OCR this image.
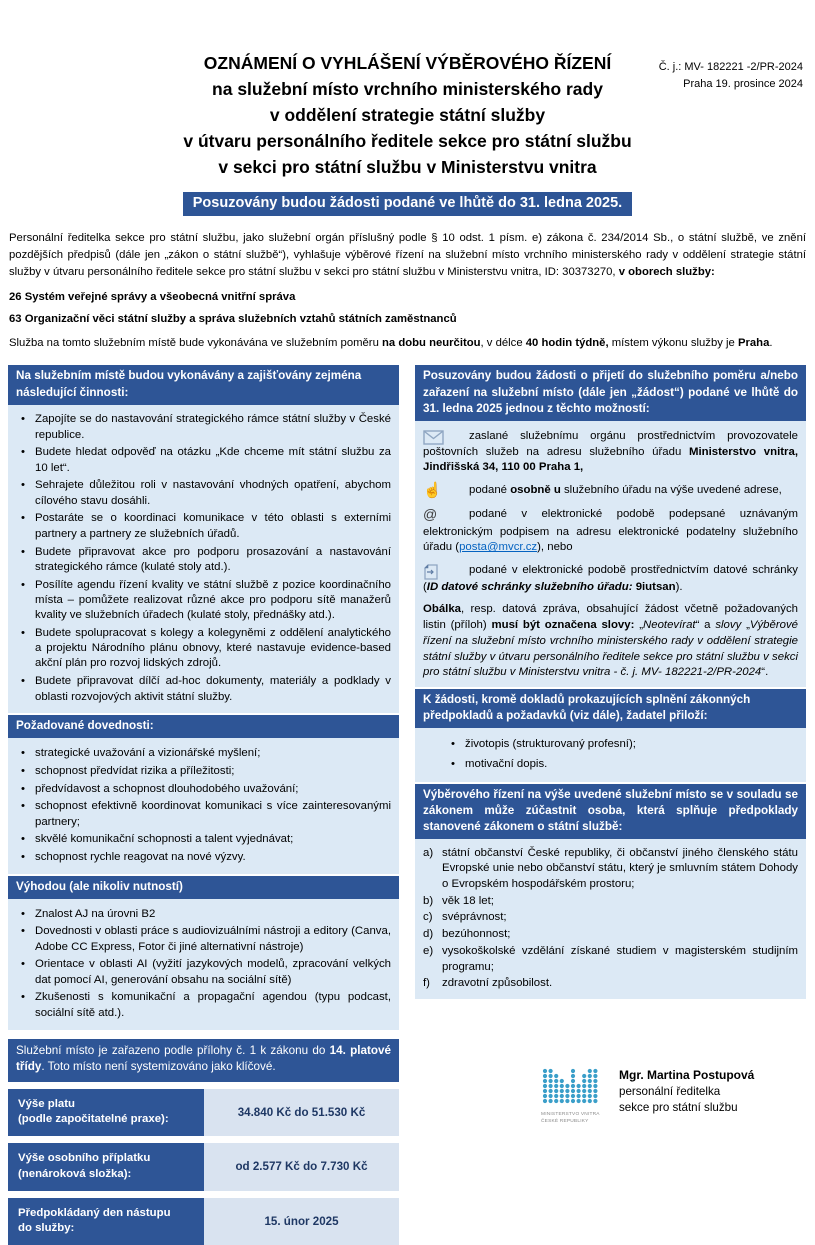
Č. j.: MV- 182221 -2/PR-2024
Praha 19. prosince 2024
OZNÁMENÍ O VYHLÁŠENÍ VÝBĚROVÉHO ŘÍZENÍ
na služební místo vrchního ministerského rady
v oddělení strategie státní služby
v útvaru personálního ředitele sekce pro státní službu
v sekci pro státní službu v Ministerstvu vnitra
Posuzovány budou žádosti podané ve lhůtě do 31. ledna 2025.

Personální ředitelka sekce pro státní službu, jako služební orgán příslušný podle § 10 odst. 1 písm. e) zákona č. 234/2014 Sb., o státní službě, ve znění pozdějších předpisů (dále jen „zákon o státní službě“), vyhlašuje výběrové řízení na služební místo vrchního ministerského rady v oddělení strategie státní služby v útvaru personálního ředitele sekce pro státní službu v sekci pro státní službu v Ministerstvu vnitra, ID: 30373270, v oborech služby:

26 Systém veřejné správy a všeobecná vnitřní správa
63 Organizační věci státní služby a správa služebních vztahů státních zaměstnanců

Služba na tomto služebním místě bude vykonávána ve služebním poměru na dobu neurčitou, v délce 40 hodin týdně, místem výkonu služby je Praha.

Na služebním místě budou vykonávány a zajišťovány zejména následující činnosti:
• Zapojíte se do nastavování strategického rámce státní služby v České republice.
• Budete hledat odpověď na otázku „Kde chceme mít státní službu za 10 let“.
• Sehrajete důležitou roli v nastavování vhodných opatření, abychom cílového stavu dosáhli.
• Postaráte se o koordinaci komunikace v této oblasti s externími partnery a partnery ze služebních úřadů.
• Budete připravovat akce pro podporu prosazování a nastavování strategického rámce (kulaté stoly atd.).
• Posílíte agendu řízení kvality ve státní službě z pozice koordinačního místa – pomůžete realizovat různé akce pro podporu sítě manažerů kvality ve služebních úřadech (kulaté stoly, přednášky atd.).
• Budete spolupracovat s kolegy a kolegyněmi z oddělení analytického a projektu Národního plánu obnovy, které nastavuje evidence-based akční plán pro rozvoj lidských zdrojů.
• Budete připravovat dílčí ad-hoc dokumenty, materiály a podklady v oblasti rozvojových aktivit státní služby.
Požadované dovednosti:
• strategické uvažování a vizionářské myšlení;
• schopnost předvídat rizika a příležitosti;
• předvídavost a schopnost dlouhodobého uvažování;
• schopnost efektivně koordinovat komunikaci s více zainteresovanými partnery;
• skvělé komunikační schopnosti a talent vyjednávat;
• schopnost rychle reagovat na nové výzvy.
Výhodou (ale nikoliv nutností)
• Znalost AJ na úrovni B2
• Dovednosti v oblasti práce s audiovizuálními nástroji a editory (Canva, Adobe CC Express, Fotor či jiné alternativní nástroje)
• Orientace v oblasti AI (vyžití jazykových modelů, zpracování velkých dat pomocí AI, generování obsahu na sociální sítě)
• Zkušenosti s komunikační a propagační agendou (typu podcast, sociální sítě atd.).
Služební místo je zařazeno podle přílohy č. 1 k zákonu do 14. platové třídy. Toto místo není systemizováno jako klíčové.
Výše platu
(podle započitatelné praxe):
34.840 Kč do 51.530 Kč
Výše osobního příplatku
(nenároková složka):
od 2.577 Kč do 7.730 Kč
Předpokládaný den nástupu
do služby:
15. únor 2025
Posuzovány budou žádosti o přijetí do služebního poměru a/nebo zařazení na služební místo (dále jen „žádost“) podané ve lhůtě do 31. ledna 2025 jednou z těchto možností:
zaslané služebnímu orgánu prostřednictvím provozovatele poštovních služeb na adresu služebního úřadu Ministerstvo vnitra, Jindřišská 34, 110 00 Praha 1,
☝ podané osobně u služebního úřadu na výše uvedené adrese,
@	podané v elektronické podobě podepsané uznávaným elektronickým podpisem na adresu elektronické podatelny služebního úřadu (posta@mvcr.cz), nebo
podané v elektronické podobě prostřednictvím datové schránky (ID datové schránky služebního úřadu: 9iutsan).
Obálka, resp. datová zpráva, obsahující žádost včetně požadovaných listin (příloh) musí být označena slovy: „Neotevírat“ a slovy „Výběrové řízení na služební místo vrchního ministerského rady v oddělení strategie státní služby v útvaru personálního ředitele sekce pro státní službu v sekci pro státní službu v Ministerstvu vnitra - č. j. MV- 182221-2/PR-2024“.
K žádosti, kromě dokladů prokazujících splnění zákonných předpokladů a požadavků (viz dále), žadatel přiloží:
• životopis (strukturovaný profesní);
• motivační dopis.
Výběrového řízení na výše uvedené služební místo se v souladu se zákonem může zúčastnit osoba, která splňuje předpoklady stanovené zákonem o státní službě:
a) státní občanství České republiky, či občanství jiného členského státu Evropské unie nebo občanství státu, který je smluvním státem Dohody o Evropském hospodářském prostoru;
b) věk 18 let;
c) svéprávnost;
d) bezúhonnost;
e) vysokoškolské vzdělání získané studiem v magisterském studijním programu;
f)	zdravotní způsobilost.
MINISTERSTVO VNITRA
ČESKÉ REPUBLIKY
Mgr. Martina Postupová
personální ředitelka
sekce pro státní službu
